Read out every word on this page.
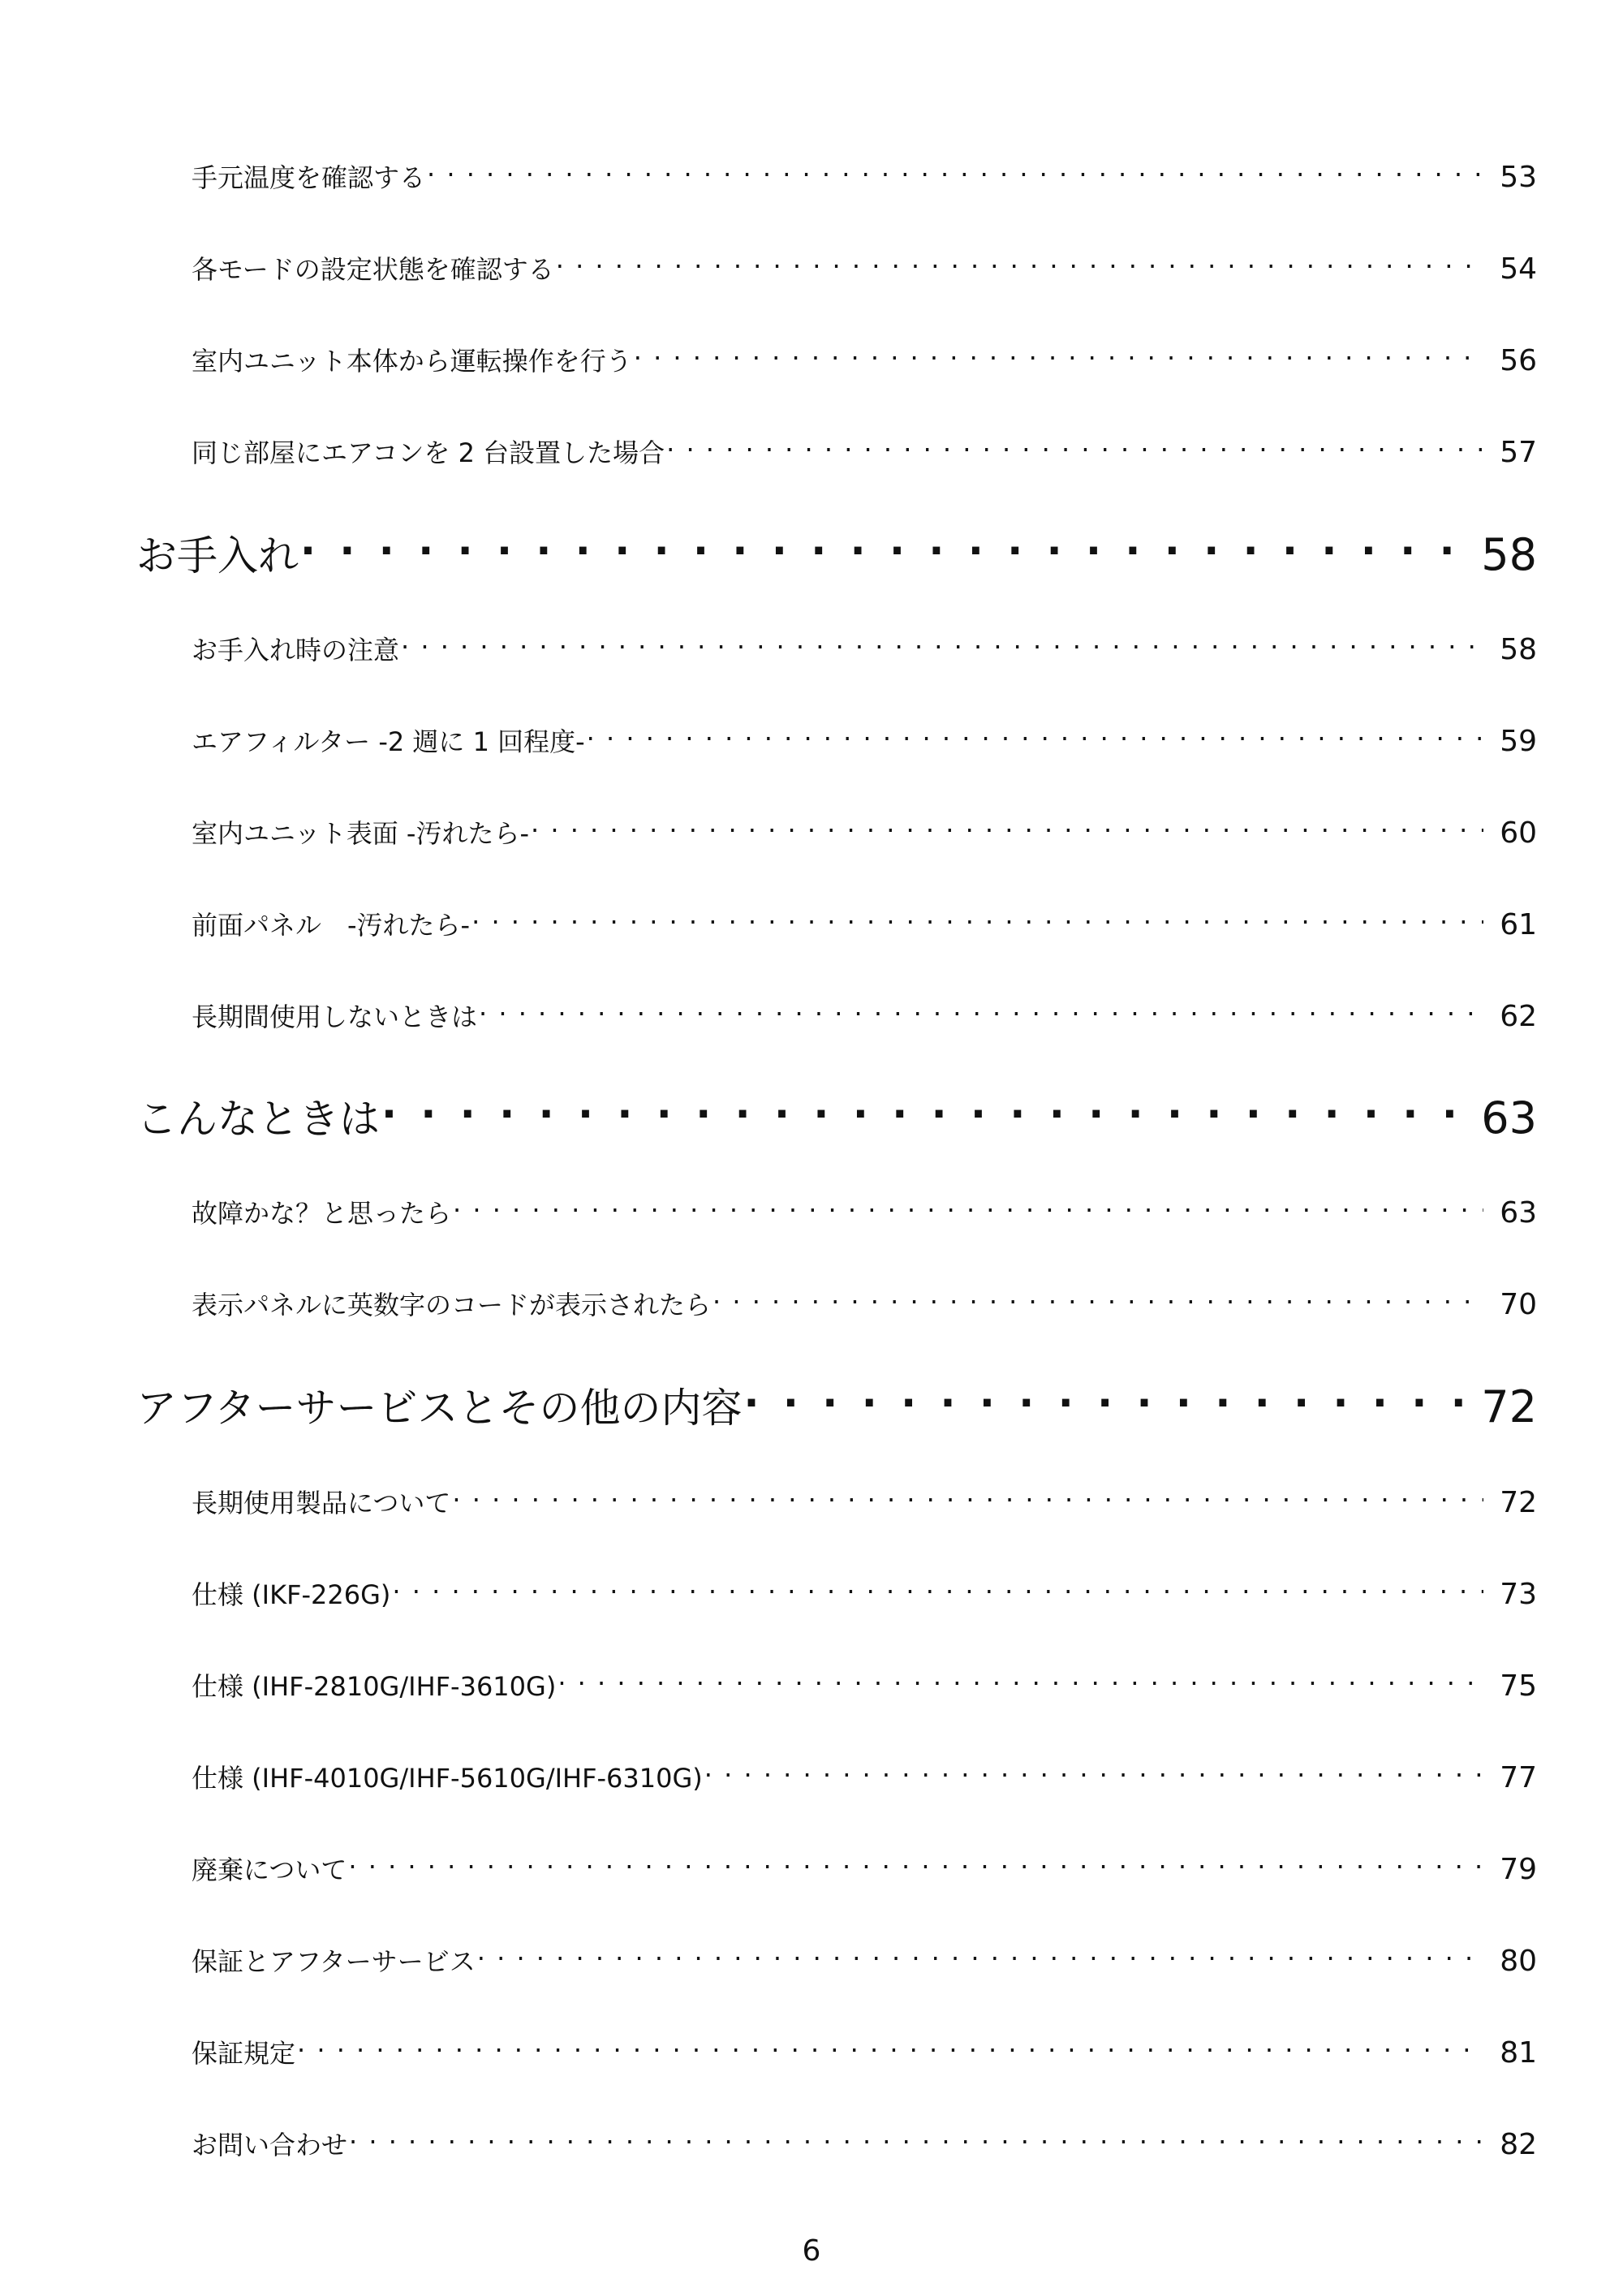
手元温度を確認する . . .	53
各モードの設定状態を確認する . . .	54
室内ユニット本体から運転操作を行う . . .	56
同じ部屋にエアコンを 2 台設置した場合 . . .	57
お手入れ . . .	58
お手入れ時の注意 . . .	58
エアフィルター -2 週に 1 回程度- . . .	59
室内ユニット表面 -汚れたら- . . .	60
前面パネル　-汚れたら- . . .	61
長期間使用しないときは . . .	62
こんなときは . . .	63
故障かな？と思ったら . . .	63
表示パネルに英数字のコードが表示されたら . . .	70
アフターサービスとその他の内容 . . .	72
長期使用製品について . . .	72
仕様 (IKF-226G) . . .	73
仕様 (IHF-2810G/IHF-3610G) . . .	75
仕様 (IHF-4010G/IHF-5610G/IHF-6310G) . . .	77
廃棄について . . .	79
保証とアフターサービス . . .	80
保証規定 . . .	81
お問い合わせ . . .	82
6
